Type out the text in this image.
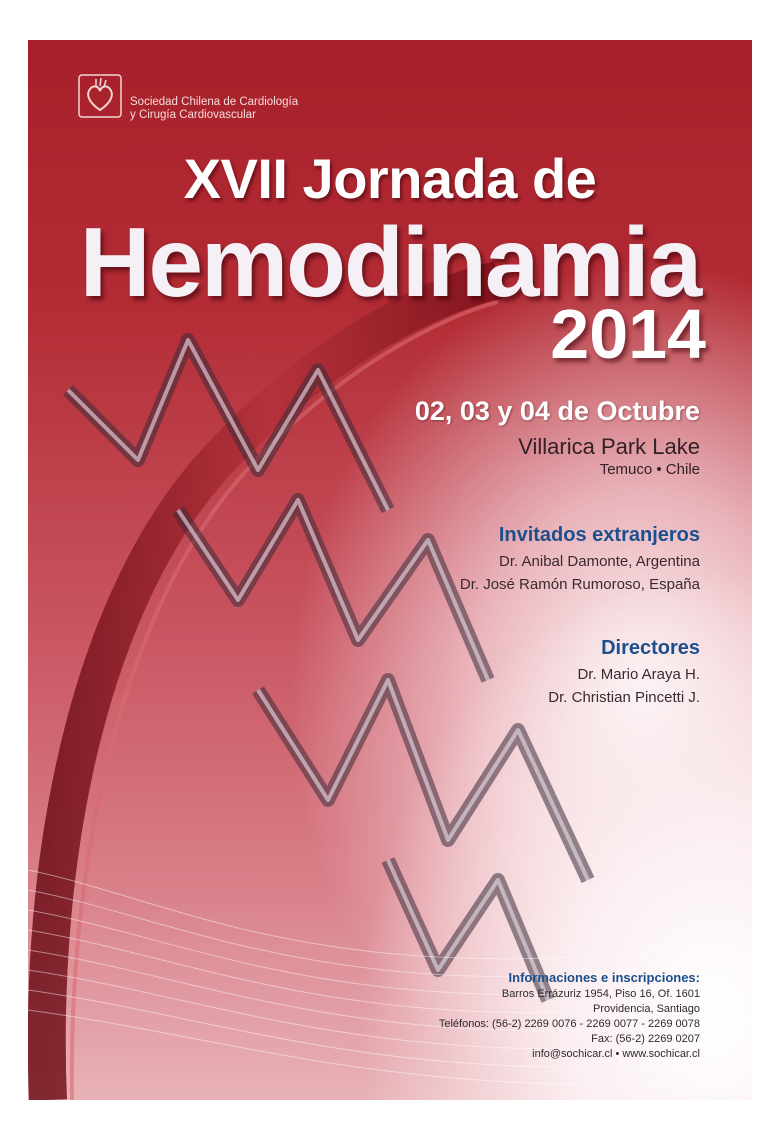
Sociedad Chilena de Cardiología
y Cirugía Cardiovascular
XVII Jornada de
Hemodinamia
2014
02, 03 y 04 de Octubre
Villarica Park Lake
Temuco • Chile
Invitados extranjeros
Dr. Anibal Damonte, Argentina
Dr. José Ramón Rumoroso, España
Directores
Dr. Mario Araya H.
Dr. Christian Pincetti J.
Informaciones e inscripciones:
Barros Errázuriz 1954, Piso 16, Of. 1601
Providencia, Santiago
Teléfonos: (56-2) 2269 0076 - 2269 0077 - 2269 0078
Fax: (56-2) 2269 0207
info@sochicar.cl • www.sochicar.cl
